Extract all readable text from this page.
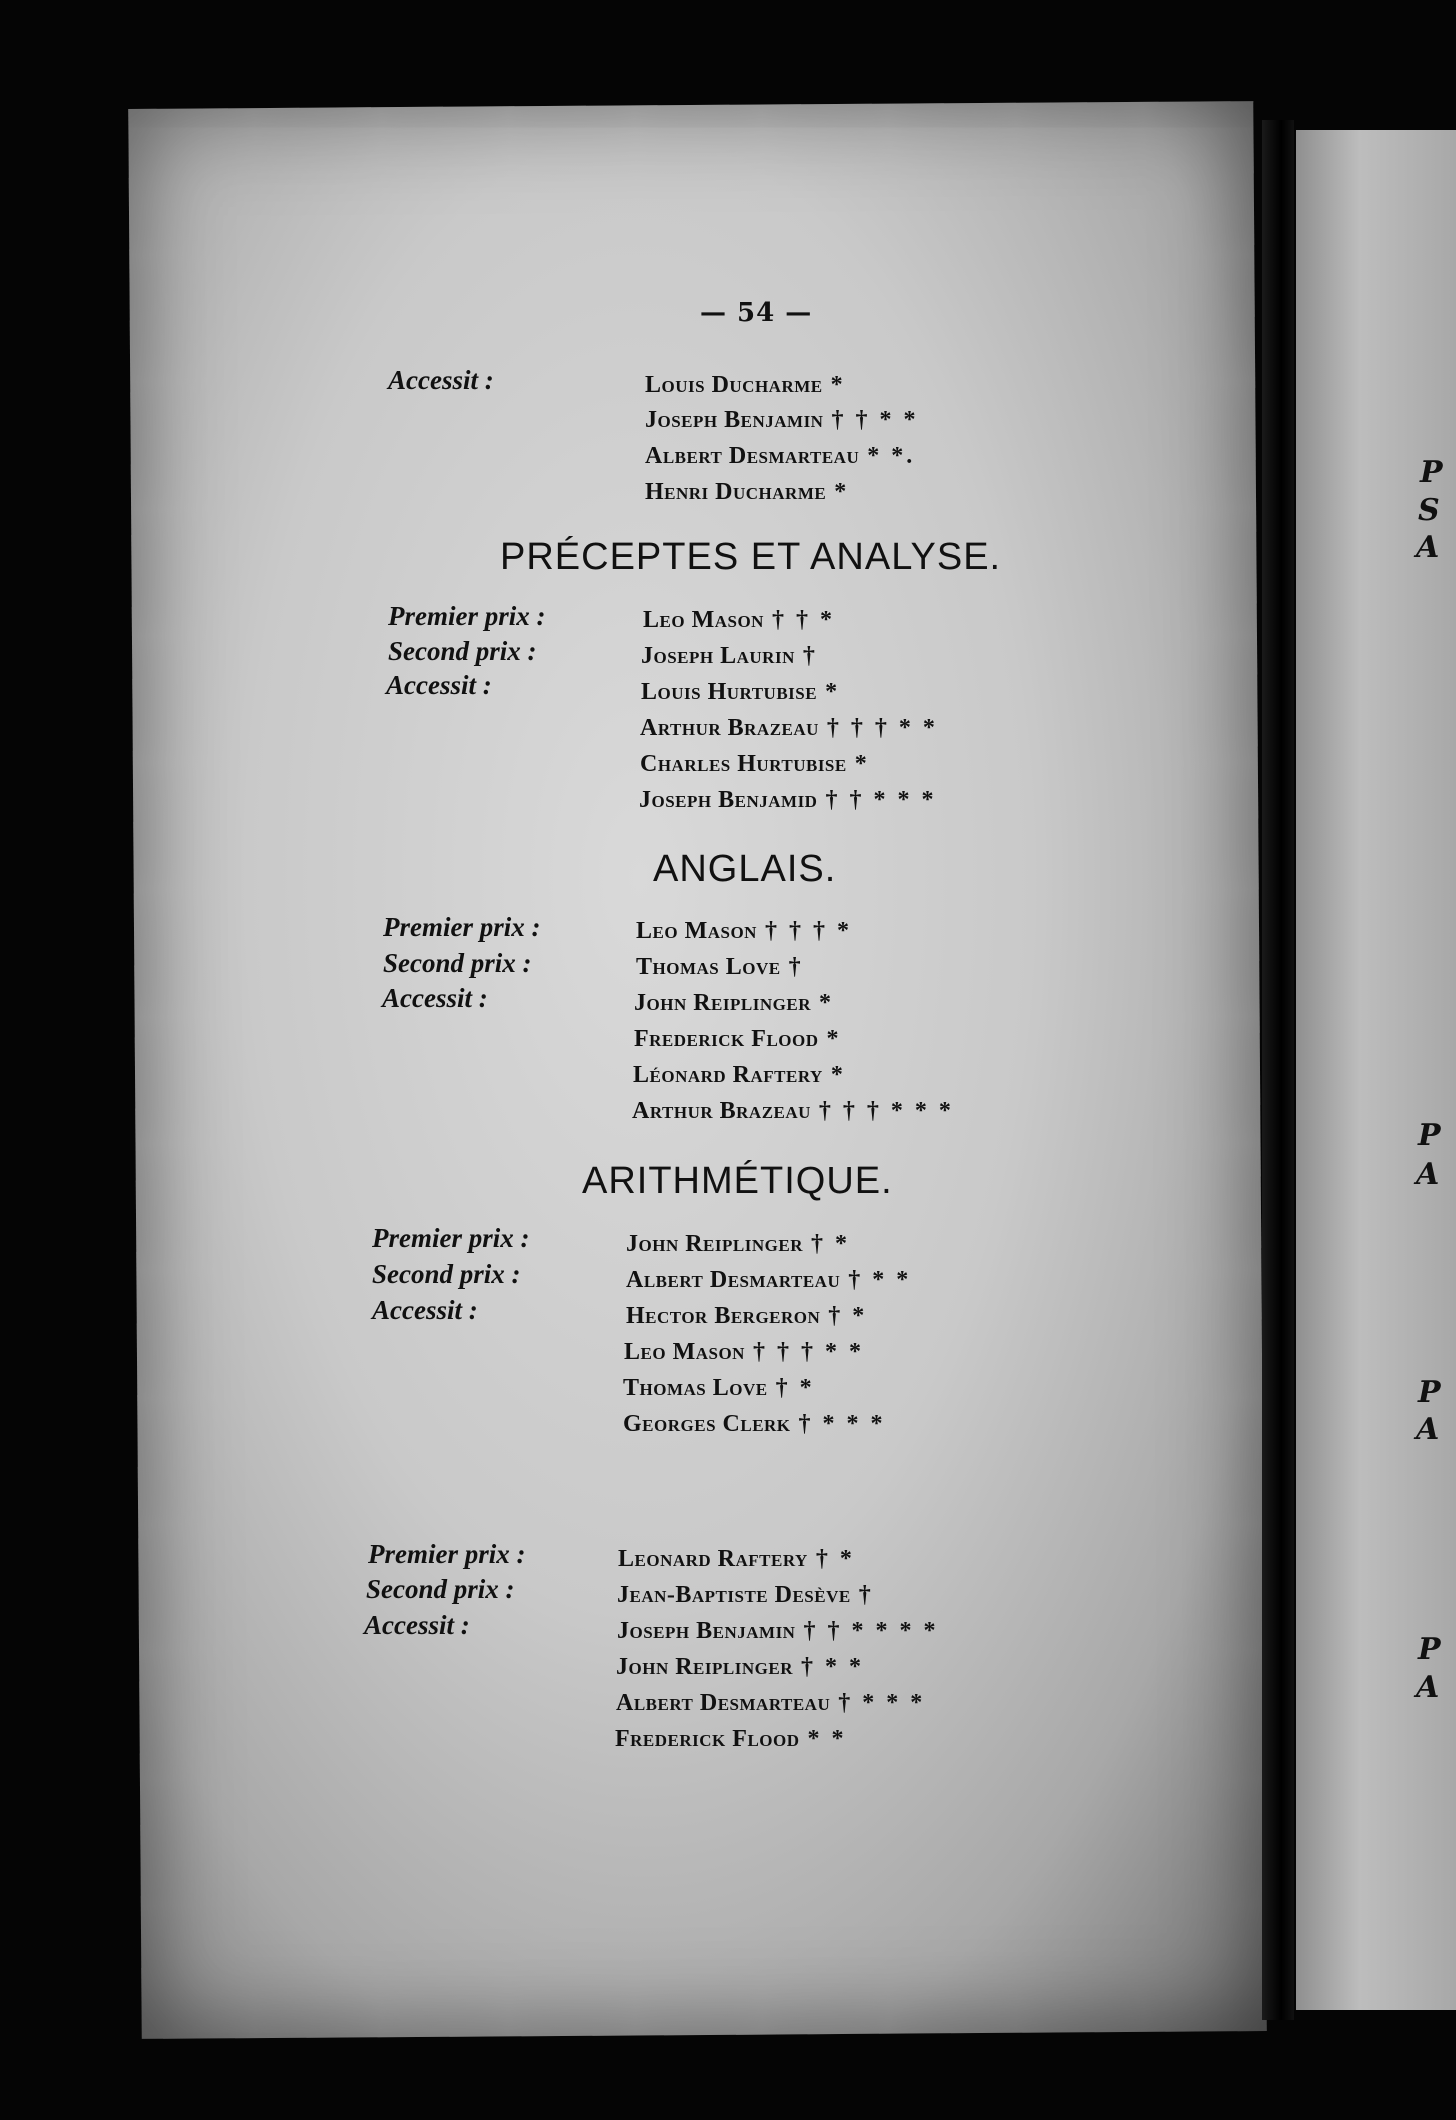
P
S
A
P
A
P
A
P
A
— 54 —
Accessit :	Louis Ducharme *
Joseph Benjamin † † * *
Albert Desmarteau * *.
Henri Ducharme *
PRÉCEPTES ET ANALYSE.
Premier prix :	Leo Mason † † *
Second prix :	Joseph Laurin †
Accessit :	Louis Hurtubise *
Arthur Brazeau † † † * *
Charles Hurtubise *
Joseph Benjamid † † * * *
ANGLAIS.
Premier prix :	Leo Mason † † † *
Second prix :	Thomas Love †
Accessit :	John Reiplinger *
Frederick Flood *
Léonard Raftery *
Arthur Brazeau † † † * * *
ARITHMÉTIQUE.
Premier prix :	John Reiplinger † *
Second prix :	Albert Desmarteau † * *
Accessit :	Hector Bergeron † *
Leo Mason † † † * *
Thomas Love † *
Georges Clerk † * * *
Premier prix :	Leonard Raftery † *
Second prix :	Jean-Baptiste Desève †
Accessit :	Joseph Benjamin † † * * * *
John Reiplinger † * *
Albert Desmarteau † * * *
Frederick Flood * *
